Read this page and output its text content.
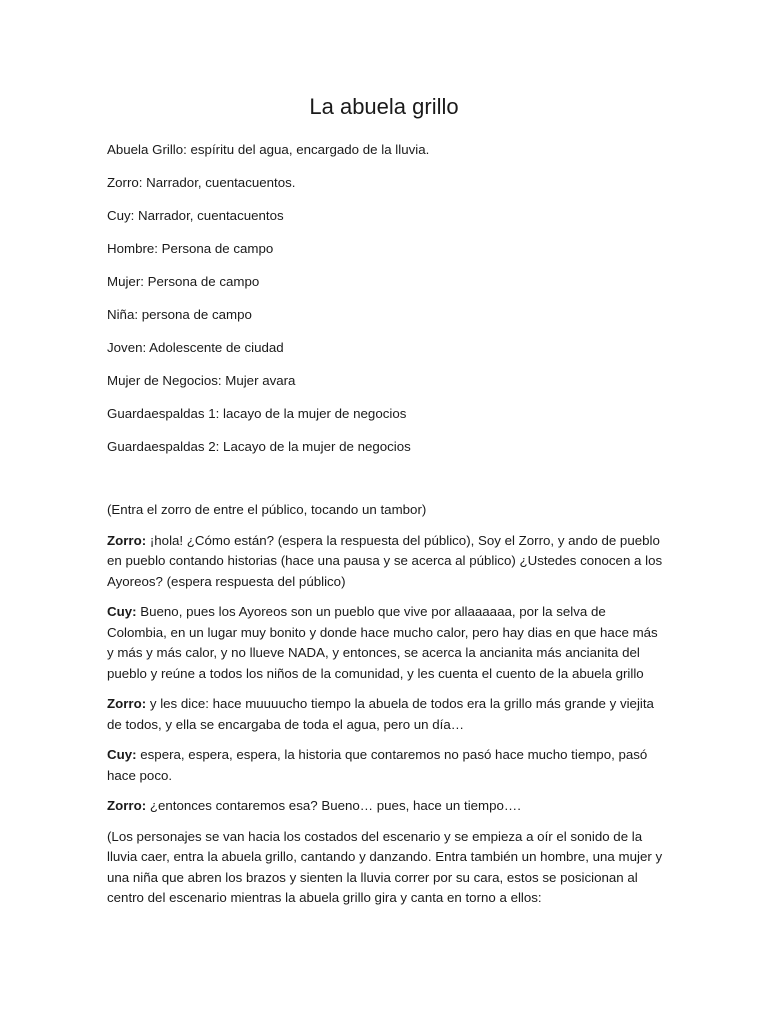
La abuela grillo

Abuela Grillo: espíritu del agua, encargado de la lluvia.

Zorro: Narrador, cuentacuentos.

Cuy: Narrador, cuentacuentos

Hombre: Persona de campo

Mujer: Persona de campo

Niña: persona de campo

Joven: Adolescente de ciudad

Mujer de Negocios: Mujer avara

Guardaespaldas 1: lacayo de la mujer de negocios

Guardaespaldas 2: Lacayo de la mujer de negocios

(Entra el zorro de entre el público, tocando un tambor)

Zorro: ¡hola! ¿Cómo están? (espera la respuesta del público), Soy el Zorro, y ando de pueblo en pueblo contando historias (hace una pausa y se acerca al público) ¿Ustedes conocen a los Ayoreos? (espera respuesta del público)

Cuy: Bueno, pues los Ayoreos son un pueblo que vive por allaaaaaa, por la selva de Colombia, en un lugar muy bonito y donde hace mucho calor, pero hay dias en que hace más y más y más calor, y no llueve NADA, y entonces, se acerca la ancianita más ancianita del pueblo y reúne a todos los niños de la comunidad, y les cuenta el cuento de la abuela grillo

Zorro: y les dice: hace muuuucho tiempo la abuela de todos era la grillo más grande y viejita de todos, y ella se encargaba de toda el agua, pero un día…

Cuy: espera, espera, espera, la historia que contaremos no pasó hace mucho tiempo, pasó hace poco.

Zorro: ¿entonces contaremos esa? Bueno… pues, hace un tiempo….

(Los personajes se van hacia los costados del escenario y se empieza a oír el sonido de la lluvia caer, entra la abuela grillo, cantando y danzando. Entra también un hombre, una mujer y una niña que abren los brazos y sienten la lluvia correr por su cara, estos se posicionan al centro del escenario mientras la abuela grillo gira y canta en torno a ellos:
